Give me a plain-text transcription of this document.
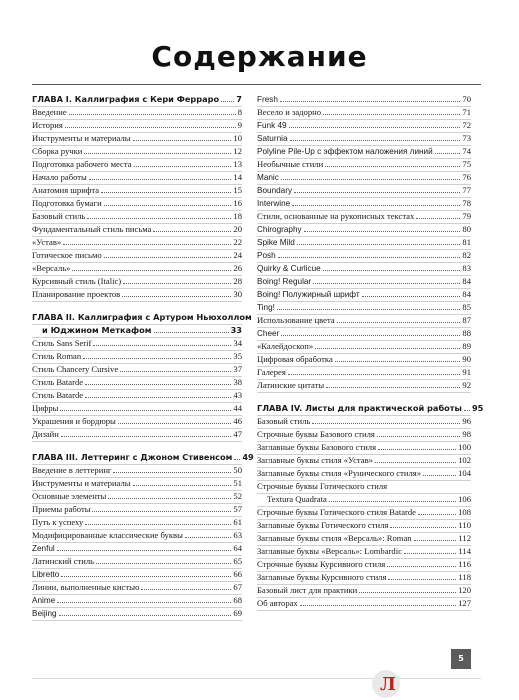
Содержание
ГЛАВА I. Каллиграфия с Кери Ферраро 7
Введение	8
История	9
Инструменты и материалы	10
Сборка ручки	12
Подготовка рабочего места	13
Начало работы	14
Анатомия шрифта	15
Подготовка бумаги	16
Базовый стиль	18
Фундаментальный стиль письма	20
«Устав»	22
Готическое письмо	24
«Версаль»	26
Курсивный стиль (Italic)	28
Планирование проектов	30
ГЛАВА II. Каллиграфия с Артуром Ньюхоллом
и Юджином Меткафом	33
Стиль Sans Serif	34
Стиль Roman	35
Стиль Chancery Cursive	37
Стиль Batarde	38
Стиль Batarde	43
Цифры	44
Украшения и бордюры	46
Дизайн	47
ГЛАВА III. Леттеринг с Джоном Стивенсом 49
Введение в леттеринг	50
Инструменты и материалы	51
Основные элементы	52
Приемы работы	57
Путь к успеху	61
Модифицированные классические буквы	63
Zenful	64
Латинский стиль	65
Libretto	66
Линии, выполненные кистью	67
Anime	68
Beijing	69
Fresh	70
Весело и задорно	71
Funk 49	72
Saturnia	73
Polyline Pile-Up с эффектом наложения линий	74
Необычные стили	75
Manic	76
Boundary	77
Interwine	78
Стили, основанные на рукописных текстах	79
Chirography	80
Spike Mild	81
Posh	82
Quirky & Curlicue	83
Boing! Regular	84
Boing! Полужирный шрифт	84
Ting!	85
Использование цвета	87
Cheer	88
«Калейдоскоп»	89
Цифровая обработка	90
Галерея	91
Латинские цитаты	92
ГЛАВА IV. Листы для практической работы 95
Базовый стиль	96
Строчные буквы Базового стиля	98
Заглавные буквы Базового стиля	100
Заглавные буквы стиля «Устав»	102
Заглавные буквы стиля «Рунического стиля»	104
Строчные буквы Готического стиля
Textura Quadrata	106
Строчные буквы Готического стиля Batarde	108
Заглавные буквы Готического стиля	110
Заглавные буквы стиля «Версаль»: Roman	112
Заглавные буквы «Версаль»: Lombardic	114
Строчные буквы Курсивного стиля	116
Заглавные буквы Курсивного стиля	118
Базовый лист для практики	120
Об авторах	127
5
Л
